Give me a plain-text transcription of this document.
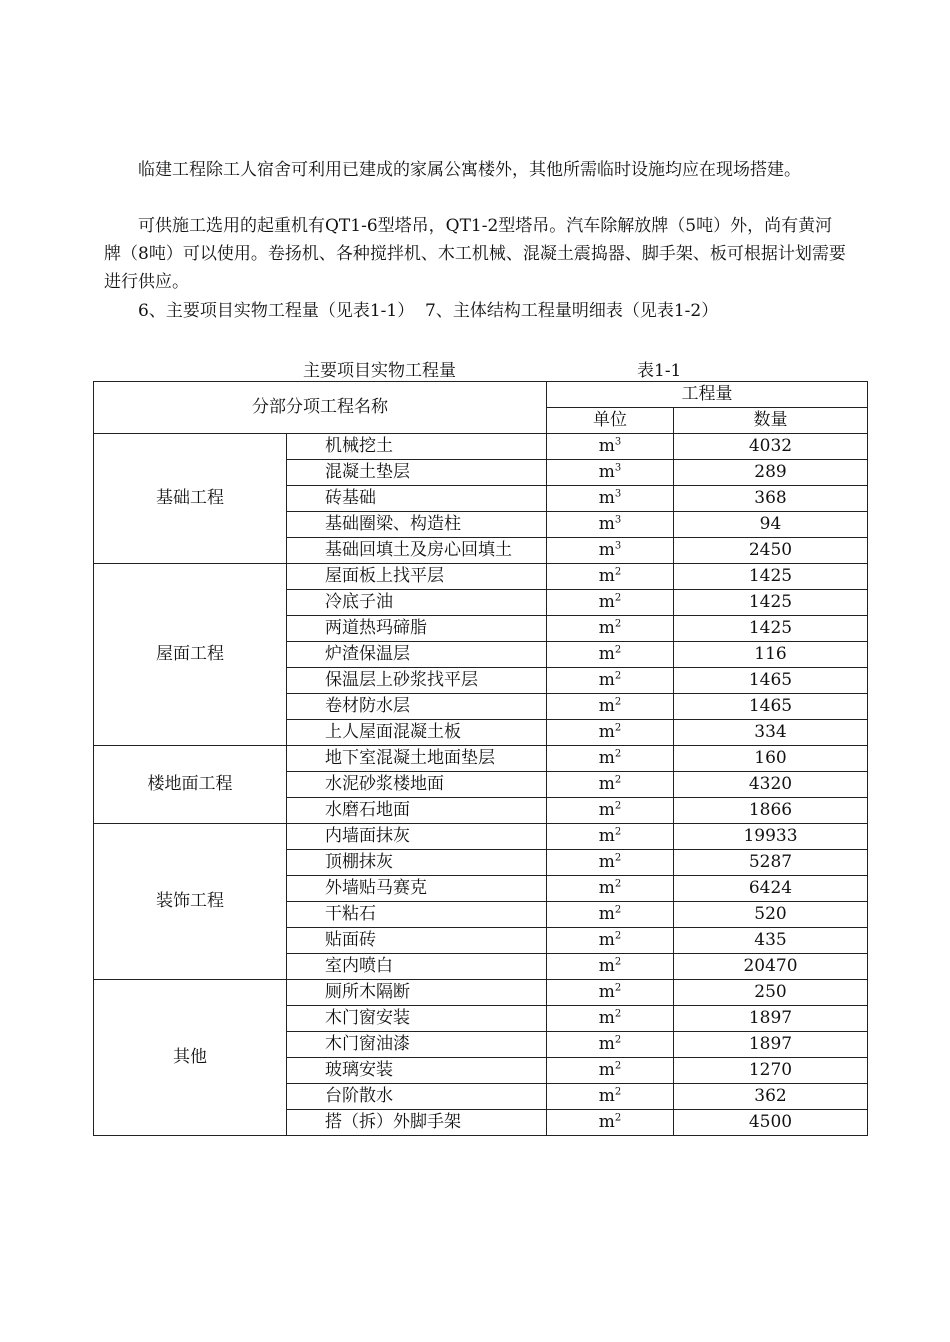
临建工程除工人宿舍可利用已建成的家属公寓楼外，其他所需临时设施均应在现场搭建。

可供施工选用的起重机有QT1-6型塔吊，QT1-2型塔吊。汽车除解放牌（5吨）外，尚有黄河牌（8吨）可以使用。卷扬机、各种搅拌机、木工机械、混凝土震捣器、脚手架、板可根据计划需要进行供应。

6、主要项目实物工程量（见表1-1）  7、主体结构工程量明细表（见表1-2）

主要项目实物工程量	表1-1
分部分项工程名称		工程量	
		单位	数量
基础工程	机械挖土	$m^3$	4032
	混凝土垫层	$m^3$	289
	砖基础	$m^3$	368
	基础圈梁、构造柱	$m^3$	94
	基础回填土及房心回填土	$m^3$	2450
屋面工程	屋面板上找平层	$m^2$	1425
	冷底子油	$m^2$	1425
	两道热玛碲脂	$m^2$	1425
	炉渣保温层	$m^2$	116
	保温层上砂浆找平层	$m^2$	1465
	卷材防水层	$m^2$	1465
	上人屋面混凝土板	$m^2$	334
楼地面工程	地下室混凝土地面垫层	$m^2$	160
	水泥砂浆楼地面	$m^2$	4320
	水磨石地面	$m^2$	1866
装饰工程	内墙面抹灰	$m^2$	19933
	顶棚抹灰	$m^2$	5287
	外墙贴马赛克	$m^2$	6424
	干粘石	$m^2$	520
	贴面砖	$m^2$	435
	室内喷白	$m^2$	20470
其他	厕所木隔断	$m^2$	250
	木门窗安装	$m^2$	1897
	木门窗油漆	$m^2$	1897
	玻璃安装	$m^2$	1270
	台阶散水	$m^2$	362
	搭（拆）外脚手架	$m^2$	4500
